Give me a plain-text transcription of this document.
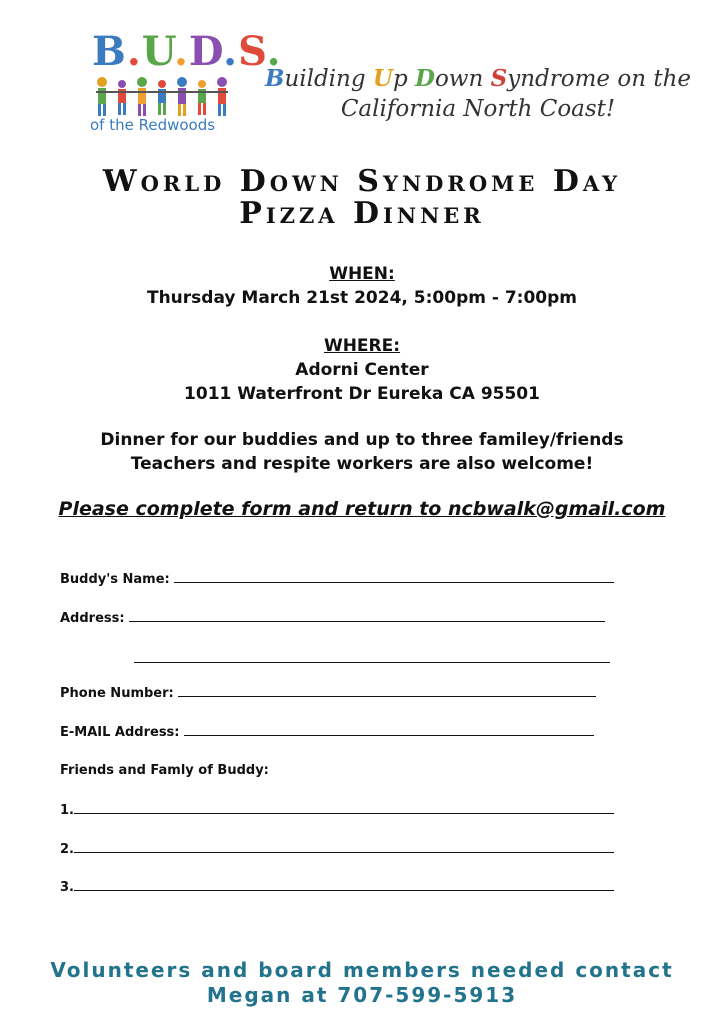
B.U.D.S.
of the Redwoods
Building Up Down Syndrome on the
California North Coast!
World Down Syndrome Day
Pizza Dinner
WHEN:
Thursday March 21st 2024, 5:00pm - 7:00pm
WHERE:
Adorni Center
1011 Waterfront Dr Eureka CA 95501
Dinner for our buddies and up to three familey/friends
Teachers and respite workers are also welcome!
Please complete form and return to ncbwalk@gmail.com
Buddy's Name:
Address:
Phone Number:
E-MAIL Address:
Friends and Famly of Buddy:
1.
2.
3.
Volunteers and board members needed contact
Megan at 707-599-5913
